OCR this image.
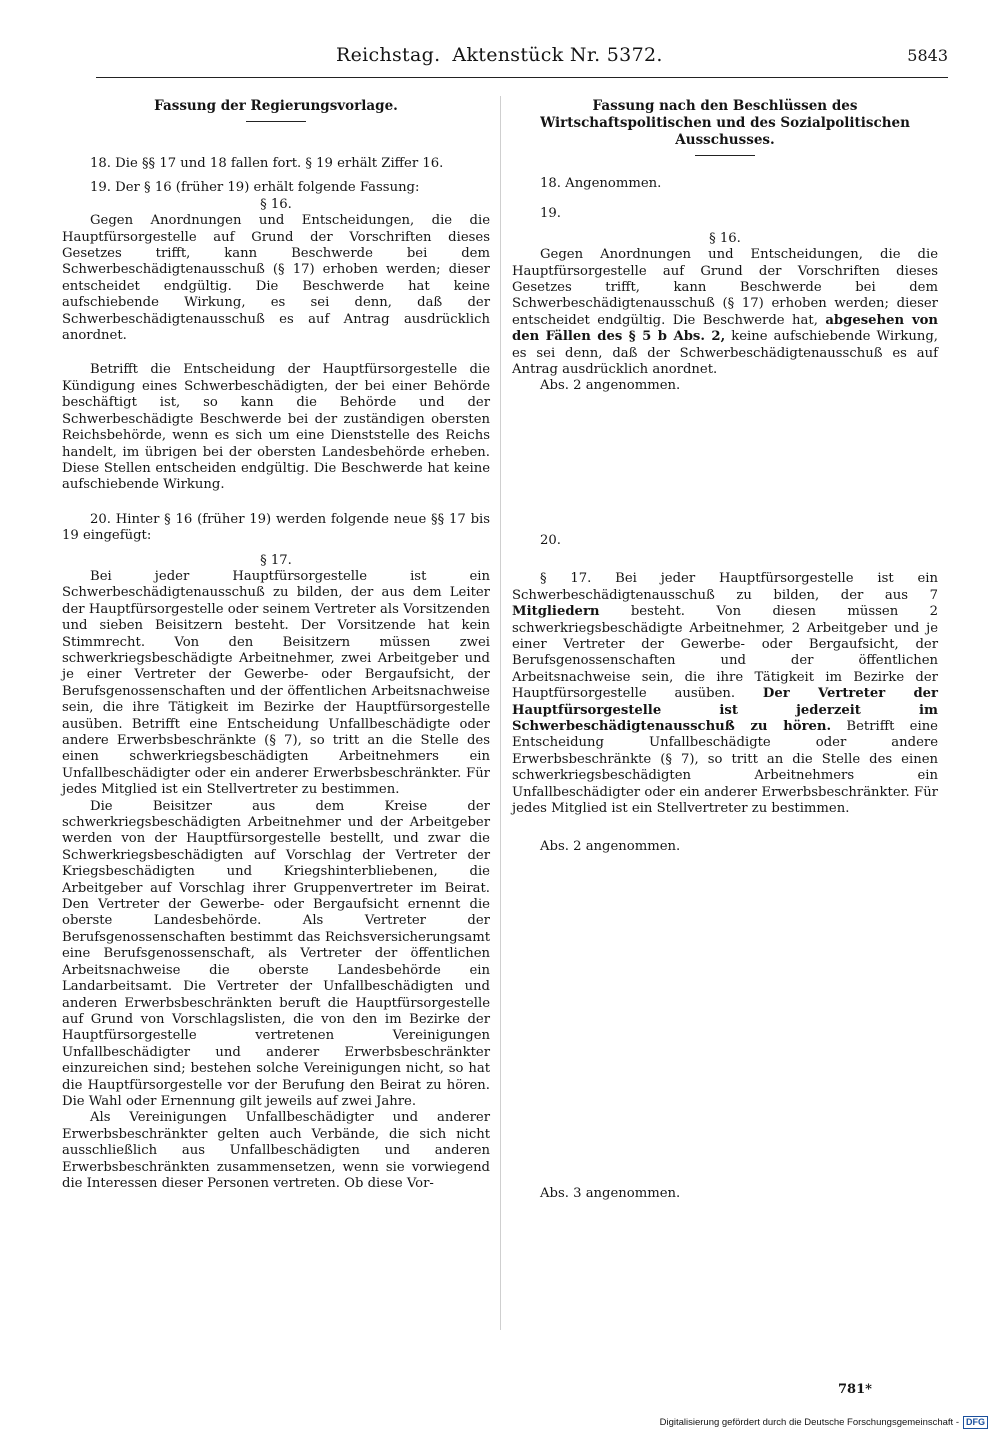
Reichstag. Aktenstück Nr. 5372.	5843
Fassung der Regierungsvorlage.

18. Die §§ 17 und 18 fallen fort. § 19 erhält Ziffer 16.

19. Der § 16 (früher 19) erhält folgende Fassung:

§ 16.

Gegen Anordnungen und Entscheidungen, die die Hauptfürsorgestelle auf Grund der Vorschriften dieses Gesetzes trifft, kann Beschwerde bei dem Schwerbeschädigtenausschuß (§ 17) erhoben werden; dieser entscheidet endgültig. Die Beschwerde hat keine aufschiebende Wirkung, es sei denn, daß der Schwerbeschädigtenausschuß es auf Antrag ausdrücklich anordnet.

Betrifft die Entscheidung der Hauptfürsorgestelle die Kündigung eines Schwerbeschädigten, der bei einer Behörde beschäftigt ist, so kann die Behörde und der Schwerbeschädigte Beschwerde bei der zuständigen obersten Reichsbehörde, wenn es sich um eine Dienststelle des Reichs handelt, im übrigen bei der obersten Landesbehörde erheben. Diese Stellen entscheiden endgültig. Die Beschwerde hat keine aufschiebende Wirkung.

20. Hinter § 16 (früher 19) werden folgende neue §§ 17 bis 19 eingefügt:

§ 17.

Bei jeder Hauptfürsorgestelle ist ein Schwerbeschädigtenausschuß zu bilden, der aus dem Leiter der Hauptfürsorgestelle oder seinem Vertreter als Vorsitzenden und sieben Beisitzern besteht. Der Vorsitzende hat kein Stimmrecht. Von den Beisitzern müssen zwei schwerkriegsbeschädigte Arbeitnehmer, zwei Arbeitgeber und je einer Vertreter der Gewerbe- oder Bergaufsicht, der Berufsgenossenschaften und der öffentlichen Arbeitsnachweise sein, die ihre Tätigkeit im Bezirke der Hauptfürsorgestelle ausüben. Betrifft eine Entscheidung Unfallbeschädigte oder andere Erwerbsbeschränkte (§ 7), so tritt an die Stelle des einen schwerkriegsbeschädigten Arbeitnehmers ein Unfallbeschädigter oder ein anderer Erwerbsbeschränkter. Für jedes Mitglied ist ein Stellvertreter zu bestimmen.

Die Beisitzer aus dem Kreise der schwerkriegsbeschädigten Arbeitnehmer und der Arbeitgeber werden von der Hauptfürsorgestelle bestellt, und zwar die Schwerkriegsbeschädigten auf Vorschlag der Vertreter der Kriegsbeschädigten und Kriegshinterbliebenen, die Arbeitgeber auf Vorschlag ihrer Gruppenvertreter im Beirat. Den Vertreter der Gewerbe- oder Bergaufsicht ernennt die oberste Landesbehörde. Als Vertreter der Berufsgenossenschaften bestimmt das Reichsversicherungsamt eine Berufsgenossenschaft, als Vertreter der öffentlichen Arbeitsnachweise die oberste Landesbehörde ein Landarbeitsamt. Die Vertreter der Unfallbeschädigten und anderen Erwerbsbeschränkten beruft die Hauptfürsorgestelle auf Grund von Vorschlagslisten, die von den im Bezirke der Hauptfürsorgestelle vertretenen Vereinigungen Unfallbeschädigter und anderer Erwerbsbeschränkter einzureichen sind; bestehen solche Vereinigungen nicht, so hat die Hauptfürsorgestelle vor der Berufung den Beirat zu hören. Die Wahl oder Ernennung gilt jeweils auf zwei Jahre.

Als Vereinigungen Unfallbeschädigter und anderer Erwerbsbeschränkter gelten auch Verbände, die sich nicht ausschließlich aus Unfallbeschädigten und anderen Erwerbsbeschränkten zusammensetzen, wenn sie vorwiegend die Interessen dieser Personen vertreten. Ob diese Vor-

Fassung nach den Beschlüssen des Wirtschaftspolitischen und des Sozialpolitischen Ausschusses.

18. Angenommen.

19.

§ 16.

Gegen Anordnungen und Entscheidungen, die die Hauptfürsorgestelle auf Grund der Vorschriften dieses Gesetzes trifft, kann Beschwerde bei dem Schwerbeschädigtenausschuß (§ 17) erhoben werden; dieser entscheidet endgültig. Die Beschwerde hat, abgesehen von den Fällen des § 5 b Abs. 2, keine aufschiebende Wirkung, es sei denn, daß der Schwerbeschädigtenausschuß es auf Antrag ausdrücklich anordnet.

Abs. 2 angenommen.

20.

§ 17. Bei jeder Hauptfürsorgestelle ist ein Schwerbeschädigtenausschuß zu bilden, der aus 7 Mitgliedern besteht. Von diesen müssen 2 schwerkriegsbeschädigte Arbeitnehmer, 2 Arbeitgeber und je einer Vertreter der Gewerbe- oder Bergaufsicht, der Berufsgenossenschaften und der öffentlichen Arbeitsnachweise sein, die ihre Tätigkeit im Bezirke der Hauptfürsorgestelle ausüben. Der Vertreter der Hauptfürsorgestelle ist jederzeit im Schwerbeschädigtenausschuß zu hören. Betrifft eine Entscheidung Unfallbeschädigte oder andere Erwerbsbeschränkte (§ 7), so tritt an die Stelle des einen schwerkriegsbeschädigten Arbeitnehmers ein Unfallbeschädigter oder ein anderer Erwerbsbeschränkter. Für jedes Mitglied ist ein Stellvertreter zu bestimmen.

Abs. 2 angenommen.

Abs. 3 angenommen.

781*
Digitalisierung gefördert durch die Deutsche Forschungsgemeinschaft - DFG
